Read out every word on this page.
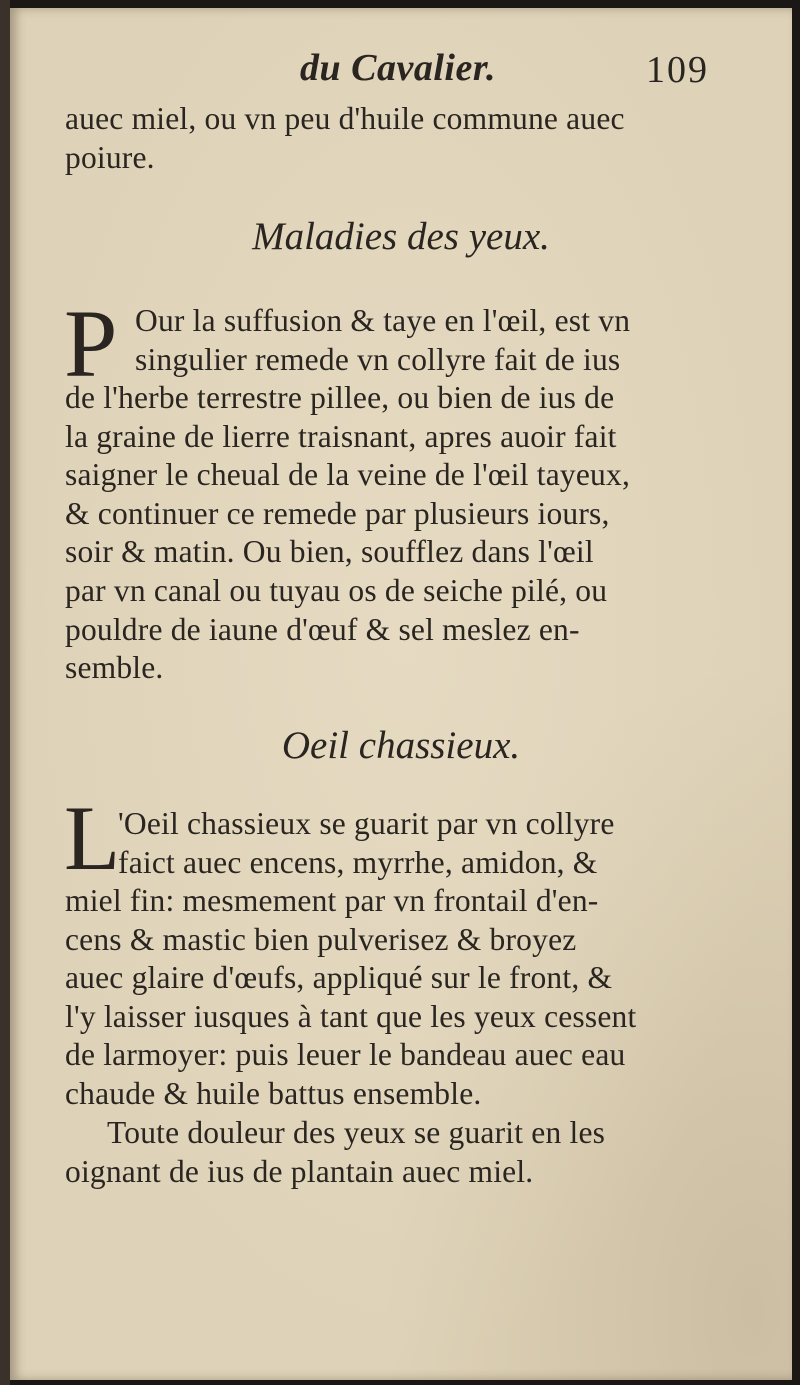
du Cavalier.	109
auec miel, ou vn peu d'huile commune auec
poiure.
Maladies des yeux.
P Our la suffusion & taye en l'œil, est vn
singulier remede vn collyre fait de ius
de l'herbe terrestre pillee, ou bien de ius de
la graine de lierre traisnant, apres auoir fait
saigner le cheual de la veine de l'œil tayeux,
& continuer ce remede par plusieurs iours,
soir & matin. Ou bien, soufflez dans l'œil
par vn canal ou tuyau os de seiche pilé, ou
pouldre de iaune d'œuf & sel meslez en-
semble.
Oeil chassieux.
L
'Oeil chassieux se guarit par vn collyre
faict auec encens, myrrhe, amidon, &
miel fin: mesmement par vn frontail d'en-
cens & mastic bien pulverisez & broyez
auec glaire d'œufs, appliqué sur le front, &
l'y laisser iusques à tant que les yeux cessent
de larmoyer: puis leuer le bandeau auec eau
chaude & huile battus ensemble.
Toute douleur des yeux se guarit en les
oignant de ius de plantain auec miel.
